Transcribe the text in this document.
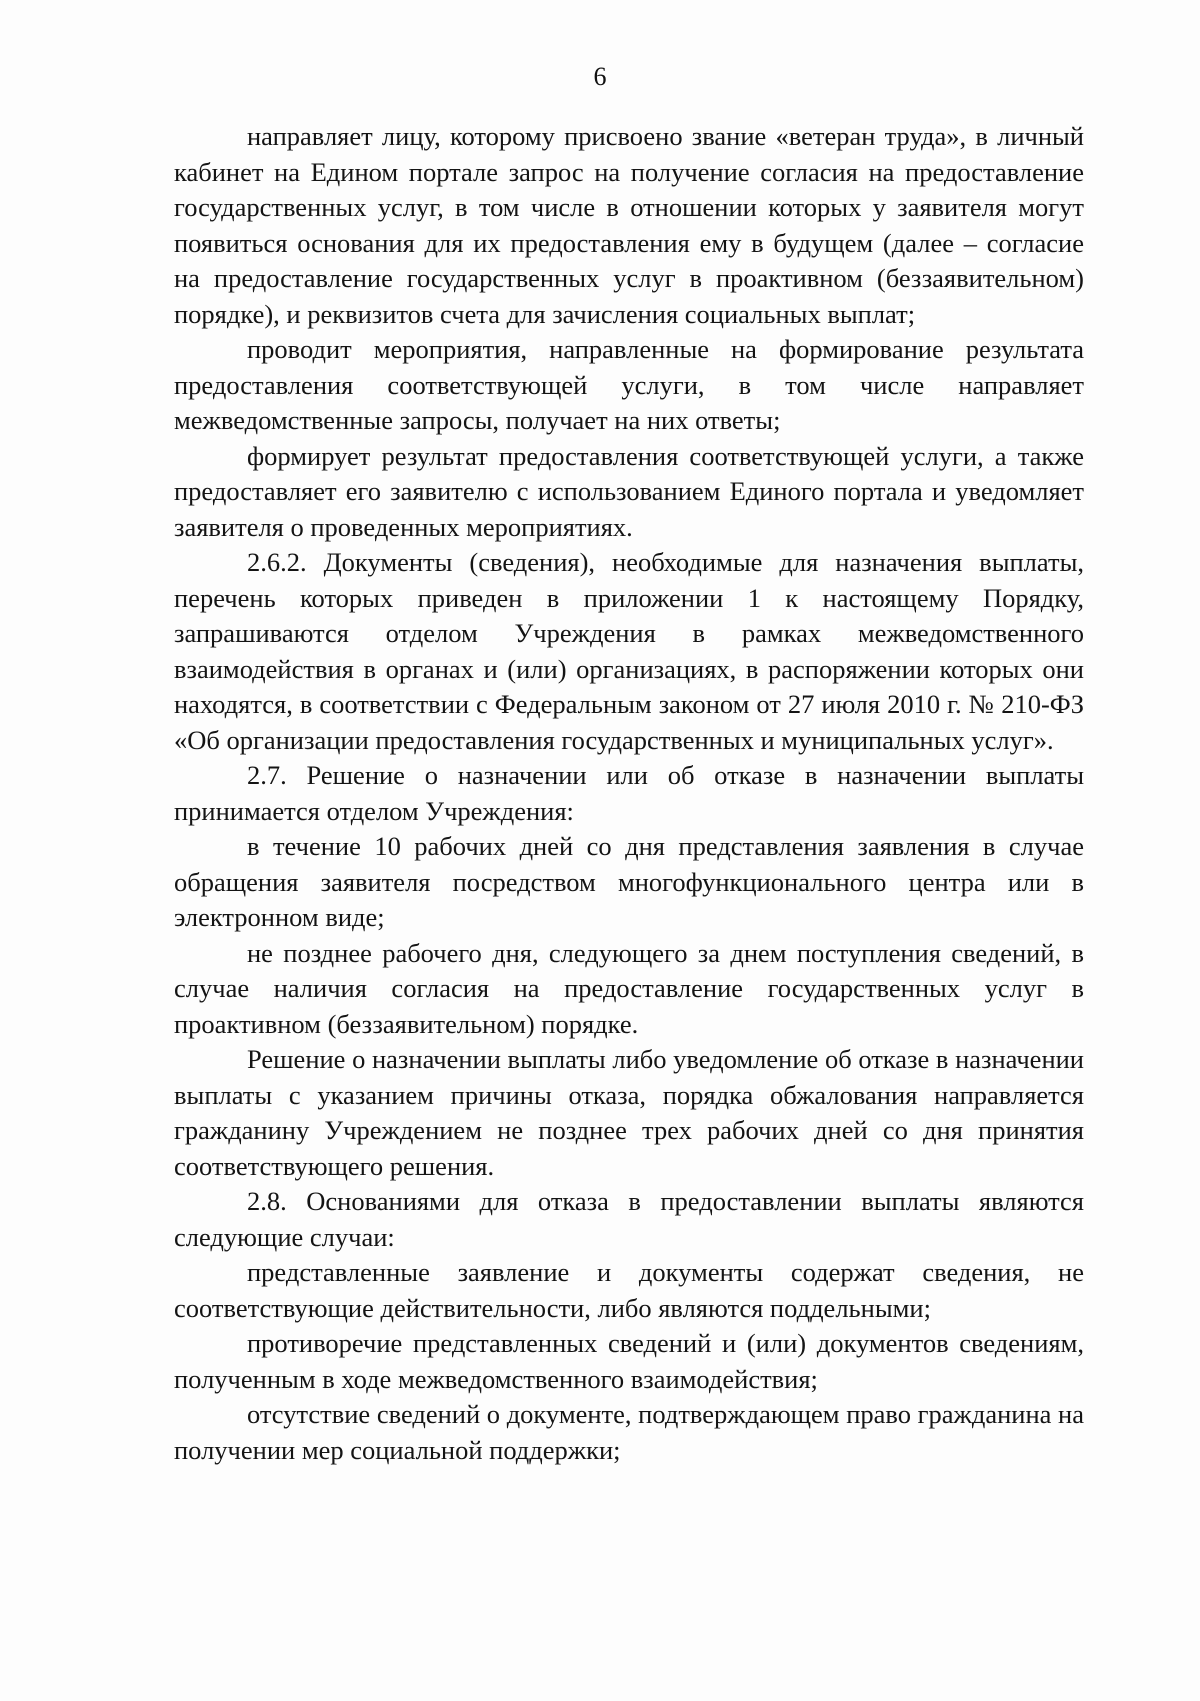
6

направляет лицу, которому присвоено звание «ветеран труда», в личный кабинет на Едином портале запрос на получение согласия на предоставление государственных услуг, в том числе в отношении которых у заявителя могут появиться основания для их предоставления ему в будущем (далее – согласие на предоставление государственных услуг в проактивном (беззаявительном) порядке), и реквизитов счета для зачисления социальных выплат;

проводит мероприятия, направленные на формирование результата предоставления соответствующей услуги, в том числе направляет межведомственные запросы, получает на них ответы;

формирует результат предоставления соответствующей услуги, а также предоставляет его заявителю с использованием Единого портала и уведомляет заявителя о проведенных мероприятиях.

2.6.2. Документы (сведения), необходимые для назначения выплаты, перечень которых приведен в приложении 1 к настоящему Порядку, запрашиваются отделом Учреждения в рамках межведомственного взаимодействия в органах и (или) организациях, в распоряжении которых они находятся, в соответствии с Федеральным законом от 27 июля 2010 г. № 210-ФЗ «Об организации предоставления государственных и муниципальных услуг».

2.7. Решение о назначении или об отказе в назначении выплаты принимается отделом Учреждения:

в течение 10 рабочих дней со дня представления заявления в случае обращения заявителя посредством многофункционального центра или в электронном виде;

не позднее рабочего дня, следующего за днем поступления сведений, в случае наличия согласия на предоставление государственных услуг в проактивном (беззаявительном) порядке.

Решение о назначении выплаты либо уведомление об отказе в назначении выплаты с указанием причины отказа, порядка обжалования направляется гражданину Учреждением не позднее трех рабочих дней со дня принятия соответствующего решения.

2.8. Основаниями для отказа в предоставлении выплаты являются следующие случаи:

представленные заявление и документы содержат сведения, не соответствующие действительности, либо являются поддельными;

противоречие представленных сведений и (или) документов сведениям, полученным в ходе межведомственного взаимодействия;

отсутствие сведений о документе, подтверждающем право гражданина на получении мер социальной поддержки;
